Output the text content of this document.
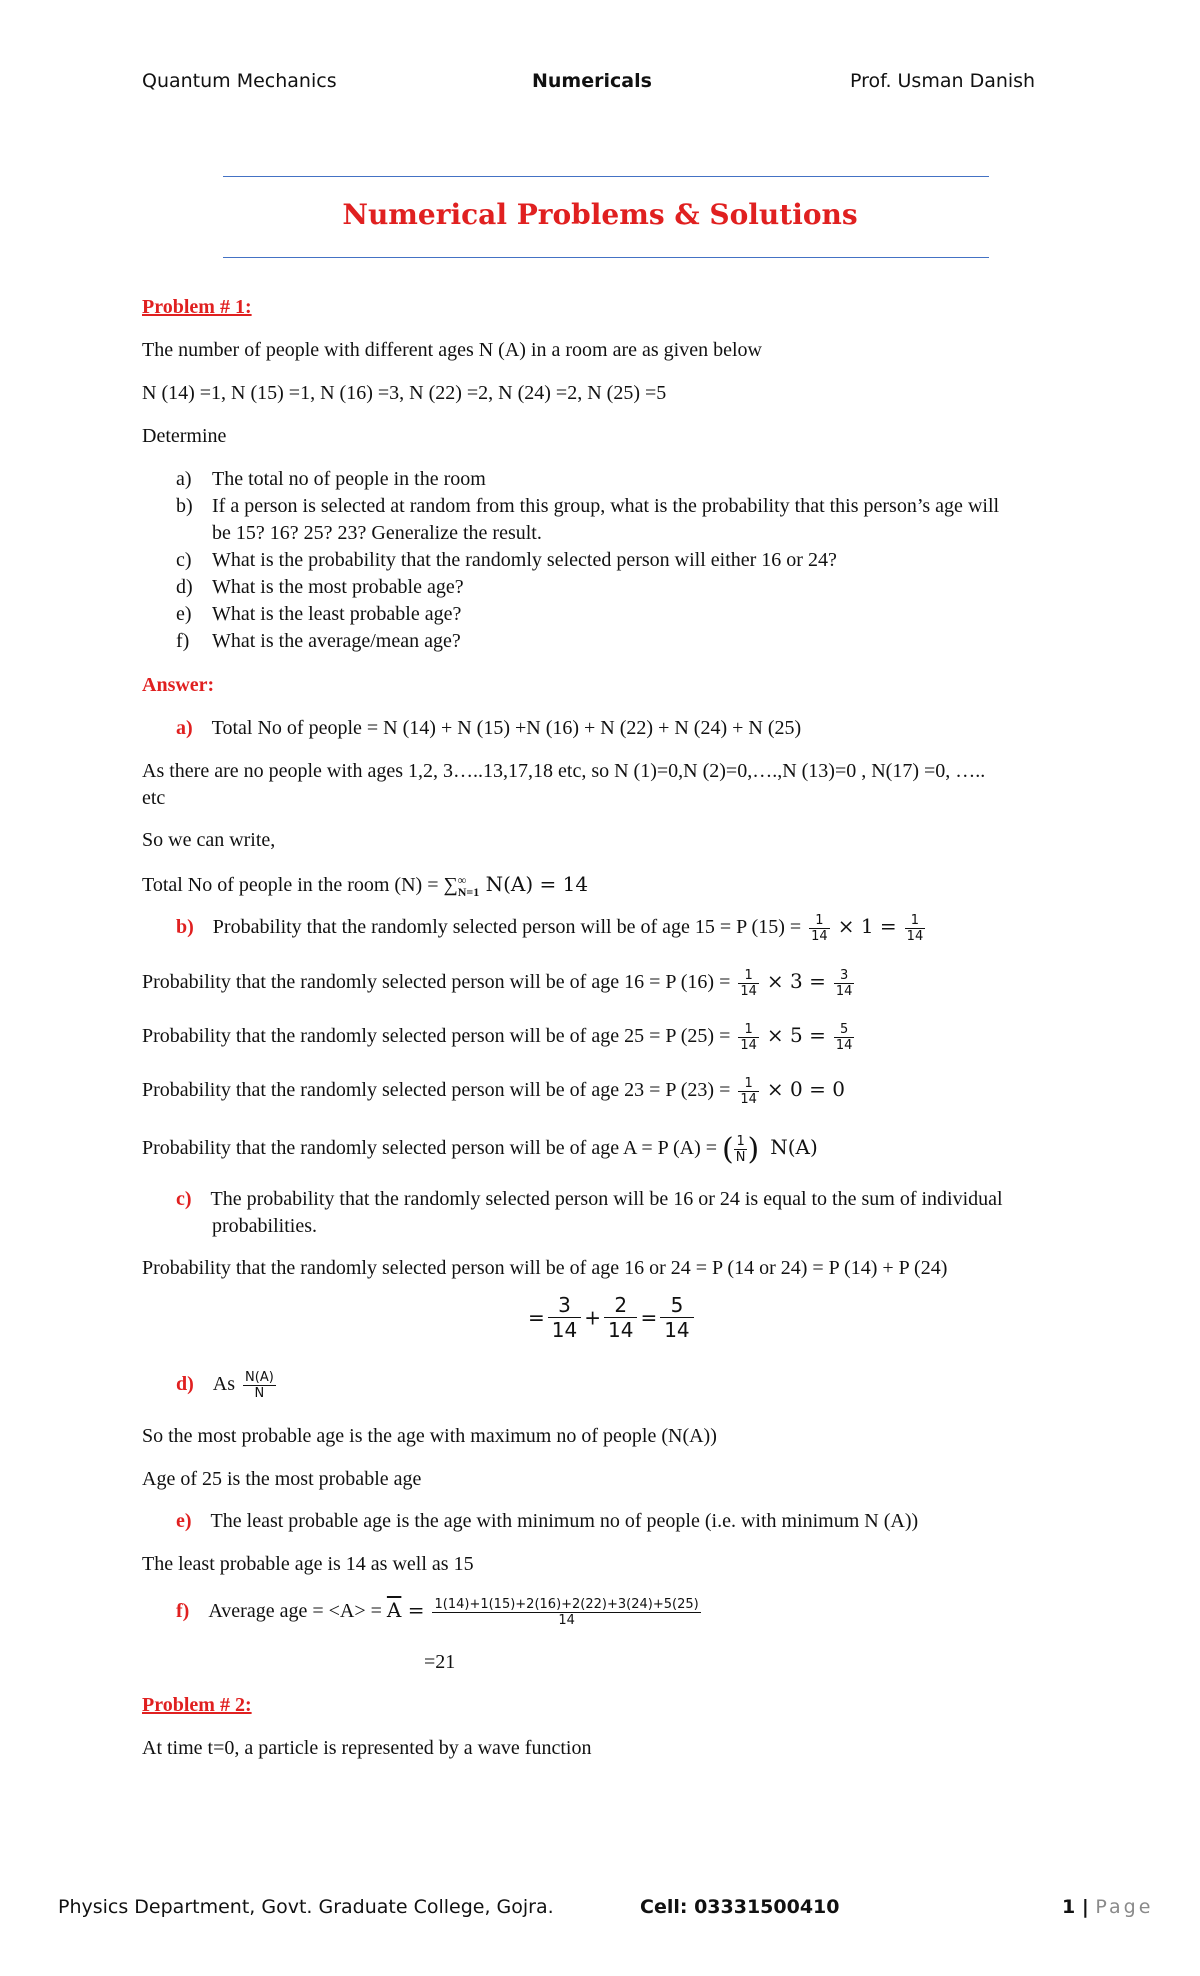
Quantum Mechanics	Numericals	Prof. Usman Danish
Numerical Problems & Solutions
Problem # 1:
The number of people with different ages N (A) in a room are as given below
N (14) =1, N (15) =1, N (16) =3, N (22) =2, N (24) =2, N (25) =5
Determine
a) The total no of people in the room
b) If a person is selected at random from this group, what is the probability that this person’s age will
be 15? 16? 25? 23? Generalize the result.
c) What is the probability that the randomly selected person will either 16 or 24?
d) What is the most probable age?
e) What is the least probable age?
f) What is the average/mean age?
Answer:
a) Total No of people = N (14) + N (15) +N (16) + N (22) + N (24) + N (25)
As there are no people with ages 1,2, 3…..13,17,18 etc, so N (1)=0,N (2)=0,….,N (13)=0 , N(17) =0, …..
etc
So we can write,
Total No of people in the room (N) = ∑ ∞
N=1 N(A) = 14
b) Probability that the randomly selected person will be of age 15 = P $(15) = \frac{1}{14} \times 1 = \frac{1}{14}$
Probability that the randomly selected person will be of age 16 = P $(16) = \frac{1}{14} \times 3 = \frac{3}{14}$
Probability that the randomly selected person will be of age 25 = P $(25) = \frac{1}{14} \times 5 = \frac{5}{14}$
Probability that the randomly selected person will be of age 23 = P $(23) = \frac{1}{14} \times 0 = 0$
Probability that the randomly selected person will be of age A = P (A) = ( $\frac{1}{N}$ ) N(A)
c) The probability that the randomly selected person will be 16 or 24 is equal to the sum of individual
probabilities.
Probability that the randomly selected person will be of age 16 or 24 = P (14 or 24) = P (14) + P (24)
= $\frac{3}{14} + \frac{2}{14} = \frac{5}{14}$
d) As $\frac{N(A)}{N}$
So the most probable age is the age with maximum no of people (N(A))
Age of 25 is the most probable age
e) The least probable age is the age with minimum no of people (i.e. with minimum N (A))
The least probable age is 14 as well as 15
f) Average age = $<A> = \overline{A} = \frac{1(14)+1(15)+2(16)+2(22)+3(24)+5(25)}{14}$
=21
Problem # 2:
At time t=0, a particle is represented by a wave function
Physics Department, Govt. Graduate College, Gojra.	Cell: 03331500410	1 | Page
